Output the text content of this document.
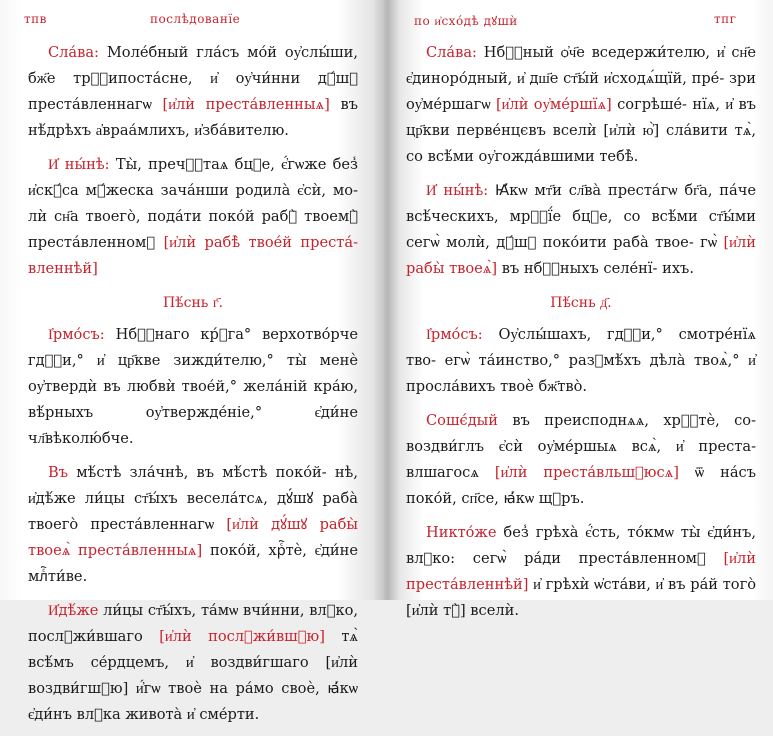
тпв	послѣдованїе

Сла́ва: Моле́бный гла́съ мо́й оу҆слы́ши, бж҃е трⷪ҇ипоста́сне, и҆ оу҆чи́нни дꙋ́шꙋ преста́вленнагѡ [и҆лѝ преста́вленныѧ] въ нѣ́дрѣхъ а҆враа́млихъ, и҆зба́вителю.

И҆ ны́нѣ: Ты̀, пречⷭ҇таѧ бцⷣе, є҆́гѡже без̾ и҆скꙋ́са мꙋ́жеска зача́нши родила̀ є҆сѝ, мо- лѝ сн҃а твоего̀, пода́ти поко́й рабꙋ̀ твоемꙋ̀ преста́вленномꙋ [и҆лѝ рабѣ̀ твое́й преста́- вленнѣй]

Пѣ́снь г҃.

І҆рмо́съ: Нбⷭ҇наго кр́ꙋга° верхотво́рче гдⷭ҇и,° и҆ цр҃кве зижди́телю,° ты̀ менѐ оу҆твердѝ въ любвѝ твое́й,° жела́ній кра́ю, вѣ́рныхъ оу҆твержде́ніе,° є҆ди́не чл҃вѣколю́бче.

Въ мѣ́стѣ зла́чнѣ, въ мѣ́стѣ поко́й- нѣ, и҆дѣ́же ли́цы ст҃ы́хъ весела́тсѧ, дꙋ́шꙋ раба̀ твоего̀ преста́вленнагѡ [и҆лѝ дꙋ́шꙋ рабы̀ твоеѧ̀ преста́вленныѧ] поко́й, хрⷭ҇тѐ, є҆ди́не млⷭ҇ти́ве.

И҆дѣ́же ли́цы ст҃ы́хъ, та́мѡ вчи́нни, влⷣко, послꙋжи́вшаго [и҆лѝ послꙋжи́вшꙋю] тѧ̀ всѣ́мъ се́рдцемъ, и҆ воздви́гшаго [и҆лѝ воздви́гшꙋю] и҆́гѡ твоѐ на ра́мо своѐ, ꙗ҆́кѡ є҆ди́нъ влⷣка живота̀ и҆ сме́рти.

по и҆схо́дѣ дꙋшѝ	тпг

Сла́ва: Нбⷭ҇ный ѻ҆ч҃е вседержи́телю, и҆ сн҃е є҆диноро́дный, и҆ дш҃е ст҃ы́й и҆сходѧ́щїй, пре́- зри оу҆ме́ршагѡ [и҆лѝ оу҆ме́ршїѧ] согрѣше́- нїѧ, и҆ въ цр҃кви перве́нцєвъ вселѝ [и҆лѝ ю҆̀] сла́вити тѧ̀, со всѣ́ми оу҆гожда́вшими тебѣ̀.

И҆ ны́нѣ: Ꙗ҆́кѡ мт҃и сл҃ва̀ преста́гѡ бг҃а, па́че всѣ́ческихъ, мрⷭ҇ї́е бцⷣе, со всѣ́ми ст҃ы́ми сегѡ̀ молѝ, дꙋ́шꙋ поко́ити раба̀ твое- гѡ̀ [и҆лѝ рабы̀ твоеѧ̀] въ нбⷭ҇ныхъ селе́нї- ихъ.

Пѣ́снь д҃.

І҆рмо́съ: Оу҆слы́шахъ, гдⷭ҇и,° смотре́нїѧ тво- егѡ̀ та́инство,° разꙋмѣ́хъ дѣла̀ твоѧ̀,° и҆ просла́вихъ твоѐ бж҃тво̀.

Сошє́дый въ преисподнѧѧ, хрⷭ҇тѐ, со- воздви́глъ є҆сѝ оу҆ме́ршыѧ всѧ̀, и҆ преста- влшагосѧ [и҆лѝ преста́вльшꙋюсѧ] ѿ на́съ поко́й, сп҃се, ꙗ҆́кѡ щⷣръ.

Никто́же без̾ грѣха̀ є҆́сть, то́кмѡ ты̀ є҆ди́нъ, влⷣко: сегѡ̀ ра́ди преста́вленномꙋ [и҆лѝ преста́вленнѣй] и҆ грѣхѝ ѡ҆ста́ви, и҆ въ ра́й того̀ [и҆лѝ тꙋ̀] вселѝ.
